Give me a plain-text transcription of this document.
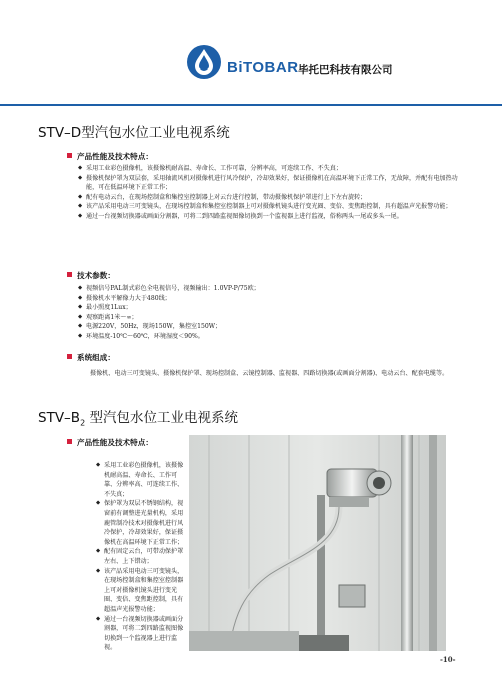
BiTOBAR 毕托巴科技有限公司
STV–D型汽包水位工业电视系统
产品性能及技术特点：
◆ 采用工业彩色摄像机，该摄像机耐高温、寿命长、工作可靠，分辨率高，可连续工作、不失真；
◆ 摄像机保护罩为双层套，采用轴流风机对摄像机进行风冷保护，冷却效果好，保证摄像机在高温环境下正常工作，无故障，并配有电加热功能，可在低温环境下正常工作；
◆ 配有电动云台，在现场控制盒和集控室控制器上对云台进行控制，带动摄像机保护罩进行上下左右旋转；
◆ 该产品采用电动三可变镜头，在现场控制盒和集控室控制器上可对摄像机镜头进行变光圈、变倍、变焦距控制，具有超温声光报警功能；
◆ 通过一台视频切换器或画面分割器，可将二到四路监视图像切换到一个监视器上进行监视，俗称两头一尾或多头一尾。
技术参数：
◆ 视频信号PAL制式彩色全电视信号，视频输出：1.0VP-P/75欧；
◆ 摄像机水平解像力大于480线；
◆ 最小照度1Lux；
◆ 观察距离1米～∞；
◆ 电源220V，50Hz，现场150W，集控室150W；
◆ 环境温度-10℃～60℃，环境湿度＜90%。
系统组成：
摄像机、电动三可变镜头、摄像机保护罩、现场控制盒、云镜控制器、监视器、四路切换器(或画面分割器)、电动云台、配套电缆等。
STV–$B_2$ 型汽包水位工业电视系统
产品性能及技术特点：
◆ 采用工业彩色摄像机，该摄像机耐高温、寿命长、工作可靠、分辨率高、可连续工作、不失真；
◆ 保护罩为双层不锈钢结构，视窗前有调整进光量机构，采用鹿管制冷技术对摄像机进行风冷保护，冷却效果好，保证摄像机在高温环境下正常工作；
◆ 配有固定云台，可带动保护罩左右、上下错动；
◆ 该产品采用电动三可变镜头，在现场控制盒和集控室控制器上可对摄像机镜头进行变光圈、变倍、变焦距控制，具有超温声光报警功能；
◆ 通过一台视频切换器或画面分割器，可将二到四路监视图像切换到一个监视器上进行监视。
-10-
